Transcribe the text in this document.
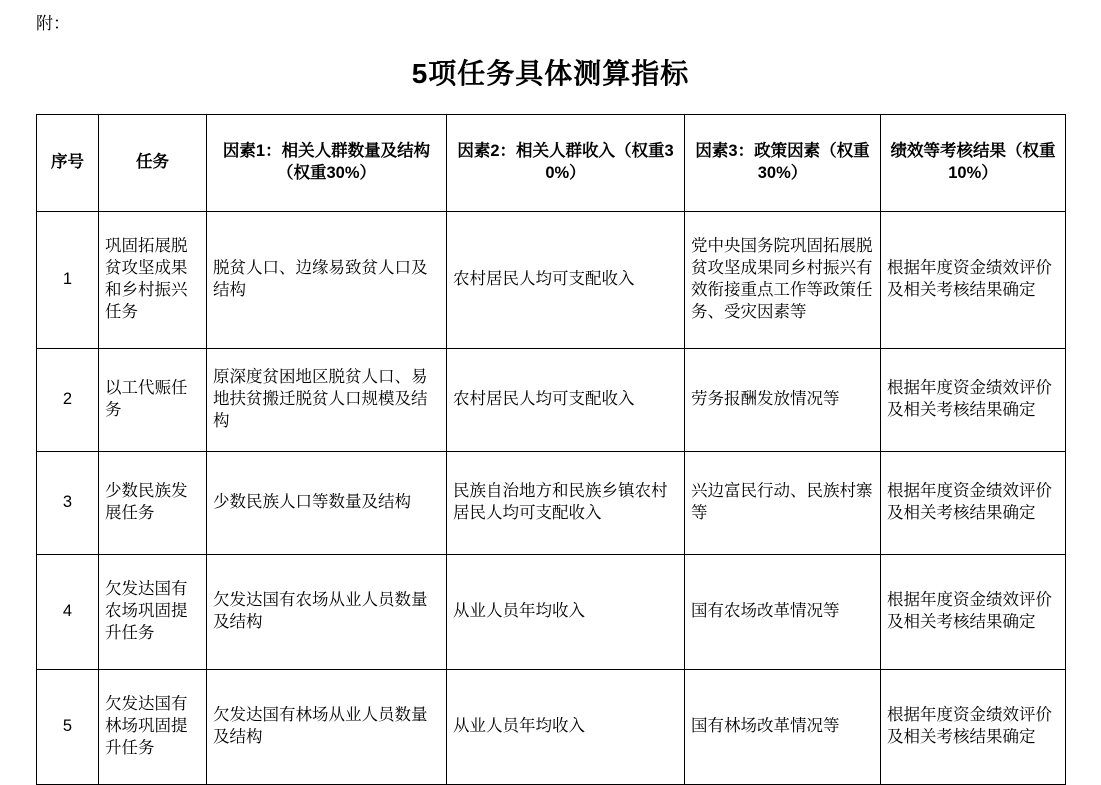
附：
5项任务具体测算指标
序号	任务	因素1：相关人群数量及结构（权重30%）	因素2：相关人群收入（权重30%）	因素3：政策因素（权重30%）	绩效等考核结果（权重10%）
1	巩固拓展脱贫攻坚成果和乡村振兴任务	脱贫人口、边缘易致贫人口及结构	农村居民人均可支配收入	党中央国务院巩固拓展脱贫攻坚成果同乡村振兴有效衔接重点工作等政策任务、受灾因素等	根据年度资金绩效评价及相关考核结果确定
2	以工代赈任务	原深度贫困地区脱贫人口、易地扶贫搬迁脱贫人口规模及结构	农村居民人均可支配收入	劳务报酬发放情况等	根据年度资金绩效评价及相关考核结果确定
3	少数民族发展任务	少数民族人口等数量及结构	民族自治地方和民族乡镇农村居民人均可支配收入	兴边富民行动、民族村寨等	根据年度资金绩效评价及相关考核结果确定
4	欠发达国有农场巩固提升任务	欠发达国有农场从业人员数量及结构	从业人员年均收入	国有农场改革情况等	根据年度资金绩效评价及相关考核结果确定
5	欠发达国有林场巩固提升任务	欠发达国有林场从业人员数量及结构	从业人员年均收入	国有林场改革情况等	根据年度资金绩效评价及相关考核结果确定
